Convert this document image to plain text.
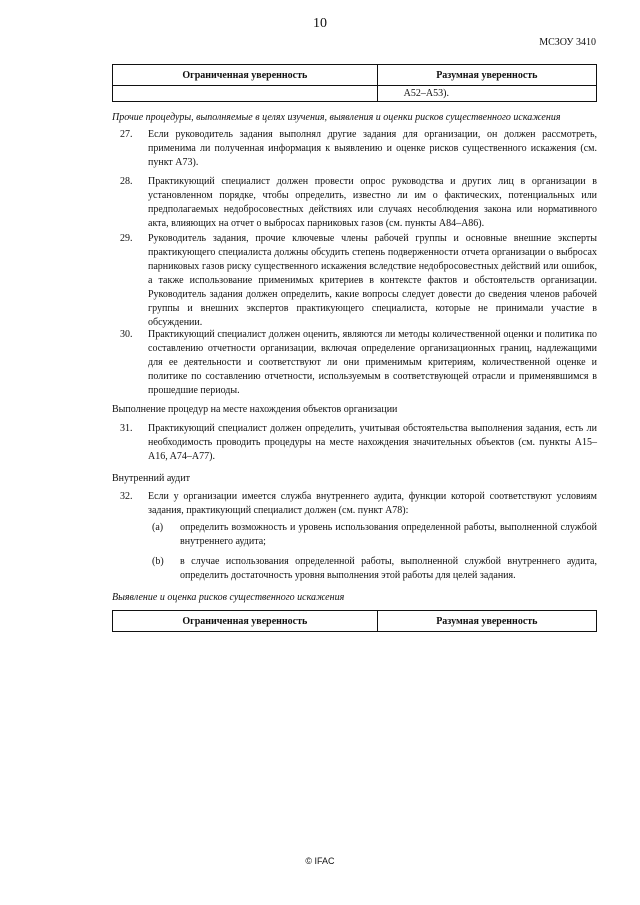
10
МСЗОУ 3410
Ограниченная уверенность	Разумная уверенность
	A52–A53).
Прочие процедуры, выполняемые в целях изучения, выявления и оценки рисков существенного искажения
27. Если руководитель задания выполнял другие задания для организации, он должен рассмотреть, применима ли полученная информация к выявлению и оценке рисков существенного искажения (см. пункт A73).
28. Практикующий специалист должен провести опрос руководства и других лиц в организации в установленном порядке, чтобы определить, известно ли им о фактических, потенциальных или предполагаемых недобросовестных действиях или случаях несоблюдения закона или нормативного акта, влияющих на отчет о выбросах парниковых газов (см. пункты A84–A86).
29. Руководитель задания, прочие ключевые члены рабочей группы и основные внешние эксперты практикующего специалиста должны обсудить степень подверженности отчета организации о выбросах парниковых газов риску существенного искажения вследствие недобросовестных действий или ошибок, а также использование применимых критериев в контексте фактов и обстоятельств организации. Руководитель задания должен определить, какие вопросы следует довести до сведения членов рабочей группы и внешних экспертов практикующего специалиста, которые не принимали участие в обсуждении.
30. Практикующий специалист должен оценить, являются ли методы количественной оценки и политика по составлению отчетности организации, включая определение организационных границ, надлежащими для ее деятельности и соответствуют ли они применимым критериям, количественной оценке и политике по составлению отчетности, используемым в соответствующей отрасли и применявшимся в прошедшие периоды.
Выполнение процедур на месте нахождения объектов организации
31. Практикующий специалист должен определить, учитывая обстоятельства выполнения задания, есть ли необходимость проводить процедуры на месте нахождения значительных объектов (см. пункты A15–A16, A74–A77).
Внутренний аудит
32. Если у организации имеется служба внутреннего аудита, функции которой соответствуют условиям задания, практикующий специалист должен (см. пункт A78):
(a) определить возможность и уровень использования определенной работы, выполненной службой внутреннего аудита;
(b) в случае использования определенной работы, выполненной службой внутреннего аудита, определить достаточность уровня выполнения этой работы для целей задания.
Выявление и оценка рисков существенного искажения
Ограниченная уверенность	Разумная уверенность
© IFAC
